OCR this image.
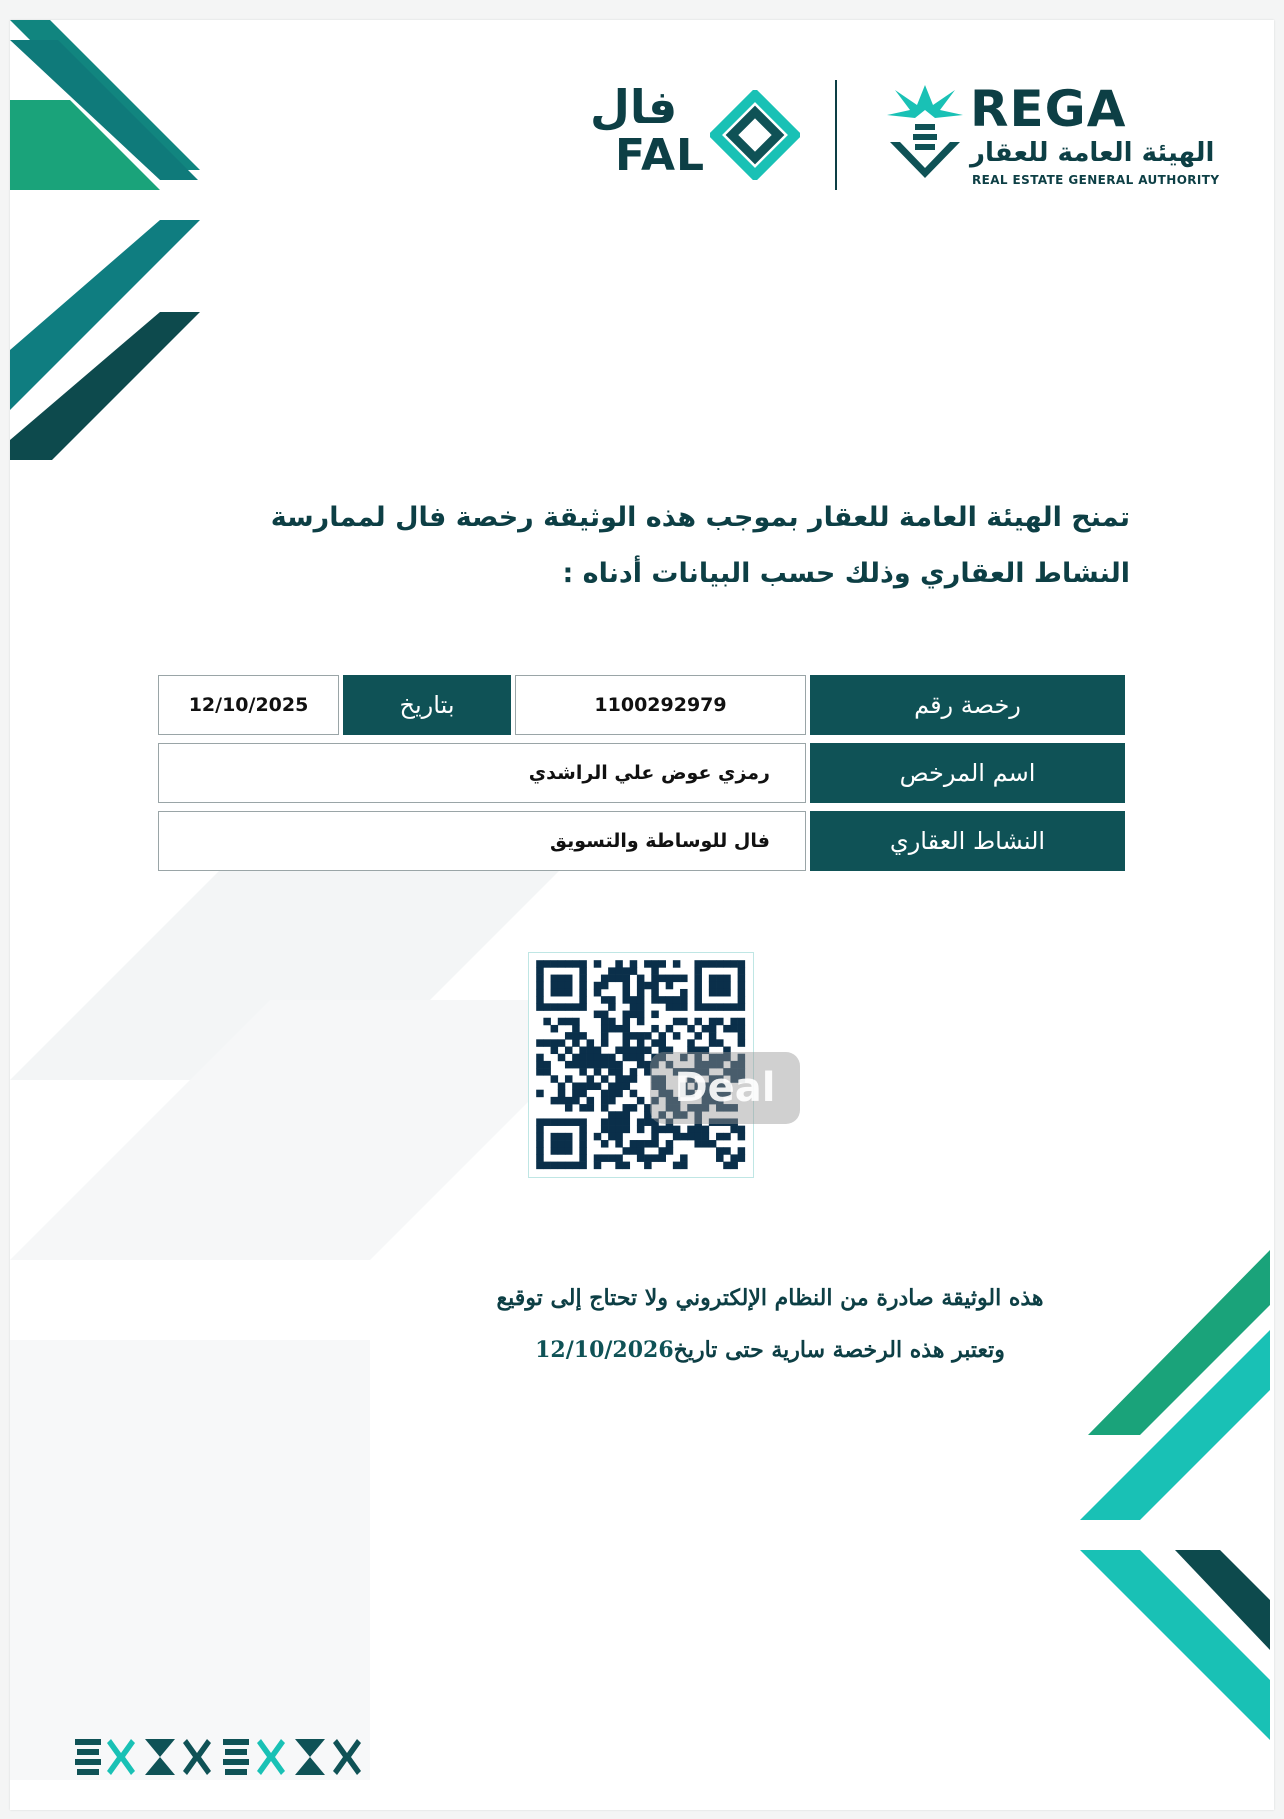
فال
FAL
REGA
الهيئة العامة للعقار
REAL ESTATE GENERAL AUTHORITY
تمنح الهيئة العامة للعقار بموجب هذه الوثيقة رخصة فال لممارسة
النشاط العقاري وذلك حسب البيانات أدناه :
رخصة رقم
1100292979
بتاريخ
12/10/2025
اسم المرخص
رمزي عوض علي الراشدي
النشاط العقاري
فال للوساطة والتسويق
Deal
هذه الوثيقة صادرة من النظام الإلكتروني ولا تحتاج إلى توقيع
وتعتبر هذه الرخصة سارية حتى تاريخ12/10/2026
